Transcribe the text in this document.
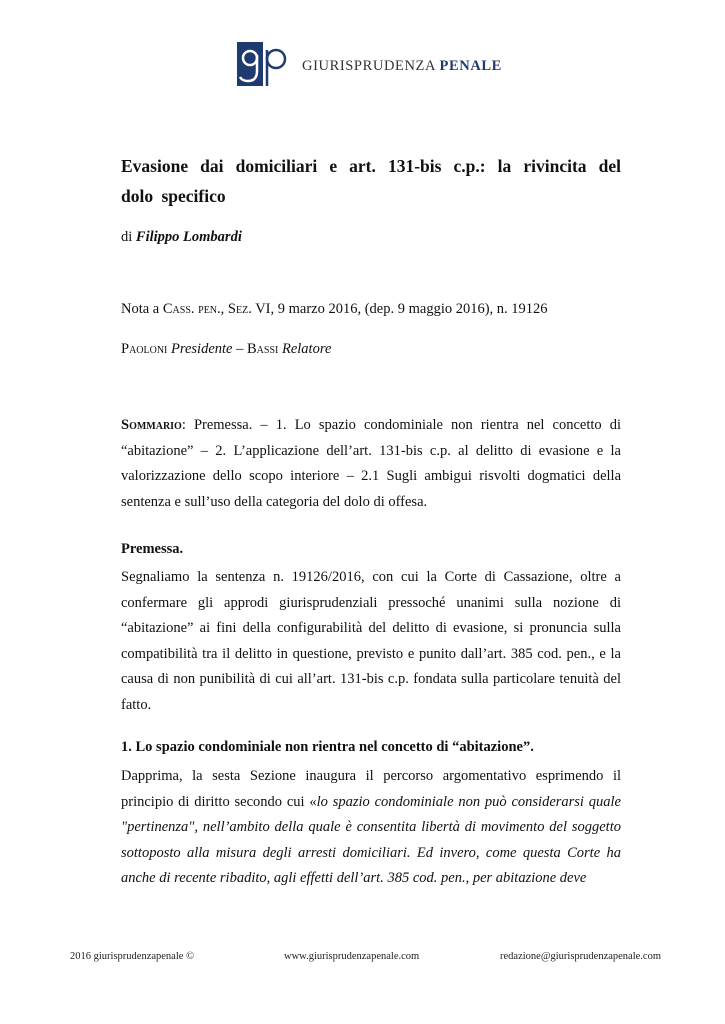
GIURISPRUDENZA PENALE
Evasione dai domiciliari e art. 131-bis c.p.: la rivincita del dolo specifico
di Filippo Lombardi
Nota a Cass. pen., Sez. VI, 9 marzo 2016, (dep. 9 maggio 2016), n. 19126
Paoloni Presidente – Bassi Relatore
Sommario: Premessa. – 1. Lo spazio condominiale non rientra nel concetto di “abitazione” – 2. L’applicazione dell’art. 131-bis c.p. al delitto di evasione e la valorizzazione dello scopo interiore – 2.1 Sugli ambigui risvolti dogmatici della sentenza e sull’uso della categoria del dolo di offesa.
Premessa.
Segnaliamo la sentenza n. 19126/2016, con cui la Corte di Cassazione, oltre a confermare gli approdi giurisprudenziali pressoché unanimi sulla nozione di “abitazione” ai fini della configurabilità del delitto di evasione, si pronuncia sulla compatibilità tra il delitto in questione, previsto e punito dall’art. 385 cod. pen., e la causa di non punibilità di cui all’art. 131-bis c.p. fondata sulla particolare tenuità del fatto.
1. Lo spazio condominiale non rientra nel concetto di “abitazione”.
Dapprima, la sesta Sezione inaugura il percorso argomentativo esprimendo il principio di diritto secondo cui «lo spazio condominiale non può considerarsi quale "pertinenza", nell’ambito della quale è consentita libertà di movimento del soggetto sottoposto alla misura degli arresti domiciliari. Ed invero, come questa Corte ha anche di recente ribadito, agli effetti dell’art. 385 cod. pen., per abitazione deve
2016 giurisprudenzapenale ©	www.giurisprudenzapenale.com	redazione@giurisprudenzapenale.com
